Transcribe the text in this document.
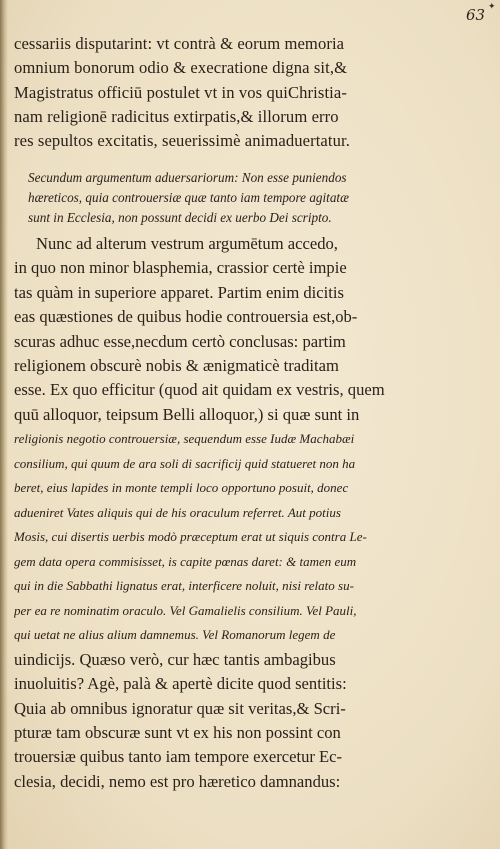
63 ✦
cessariis disputarint: vt contrà & eorum memoria
omnium bonorum odio & execratione digna sit,&
Magistratus officiū postulet vt in vos quiChristia-
nam religionē radicitus extirpatis,& illorum erro
res sepultos excitatis, seuerissimè animaduertatur.
Secundum argumentum aduersariorum: Non esse puniendos
hæreticos, quia controuersiæ quæ tanto iam tempore agitatæ
sunt in Ecclesia, non possunt decidi ex uerbo Dei scripto.
Nunc ad alterum vestrum argumētum accedo,
in quo non minor blasphemia, crassior certè impie
tas quàm in superiore apparet. Partim enim dicitis
eas quæstiones de quibus hodie controuersia est,ob-
scuras adhuc esse,necdum certò conclusas: partim
religionem obscurè nobis & ænigmaticè traditam
esse. Ex quo efficitur (quod ait quidam ex vestris, quem
quū alloquor, teipsum Belli alloquor,) si quæ sunt in
religionis negotio controuersiæ, sequendum esse Iudæ Machabæi
consilium, qui quum de ara soli di sacrificij quid statueret non ha
beret, eius lapides in monte templi loco opportuno posuit, donec
adueniret Vates aliquis qui de his oraculum referret. Aut potius
Mosis, cui disertis uerbis modò præceptum erat ut siquis contra Le-
gem data opera commisisset, is capite pœnas daret: & tamen eum
qui in die Sabbathi lignatus erat, interficere noluit, nisi relato su-
per ea re nominatim oraculo. Vel Gamalielis consilium. Vel Pauli,
qui uetat ne alius alium damnemus. Vel Romanorum legem de
uindicijs. Quæso verò, cur hæc tantis ambagibus
inuoluitis? Agè, palà & apertè dicite quod sentitis:
Quia ab omnibus ignoratur quæ sit veritas,& Scri-
pturæ tam obscuræ sunt vt ex his non possint con
trouersiæ quibus tanto iam tempore exercetur Ec-
clesia, decidi, nemo est pro hæretico damnandus:
